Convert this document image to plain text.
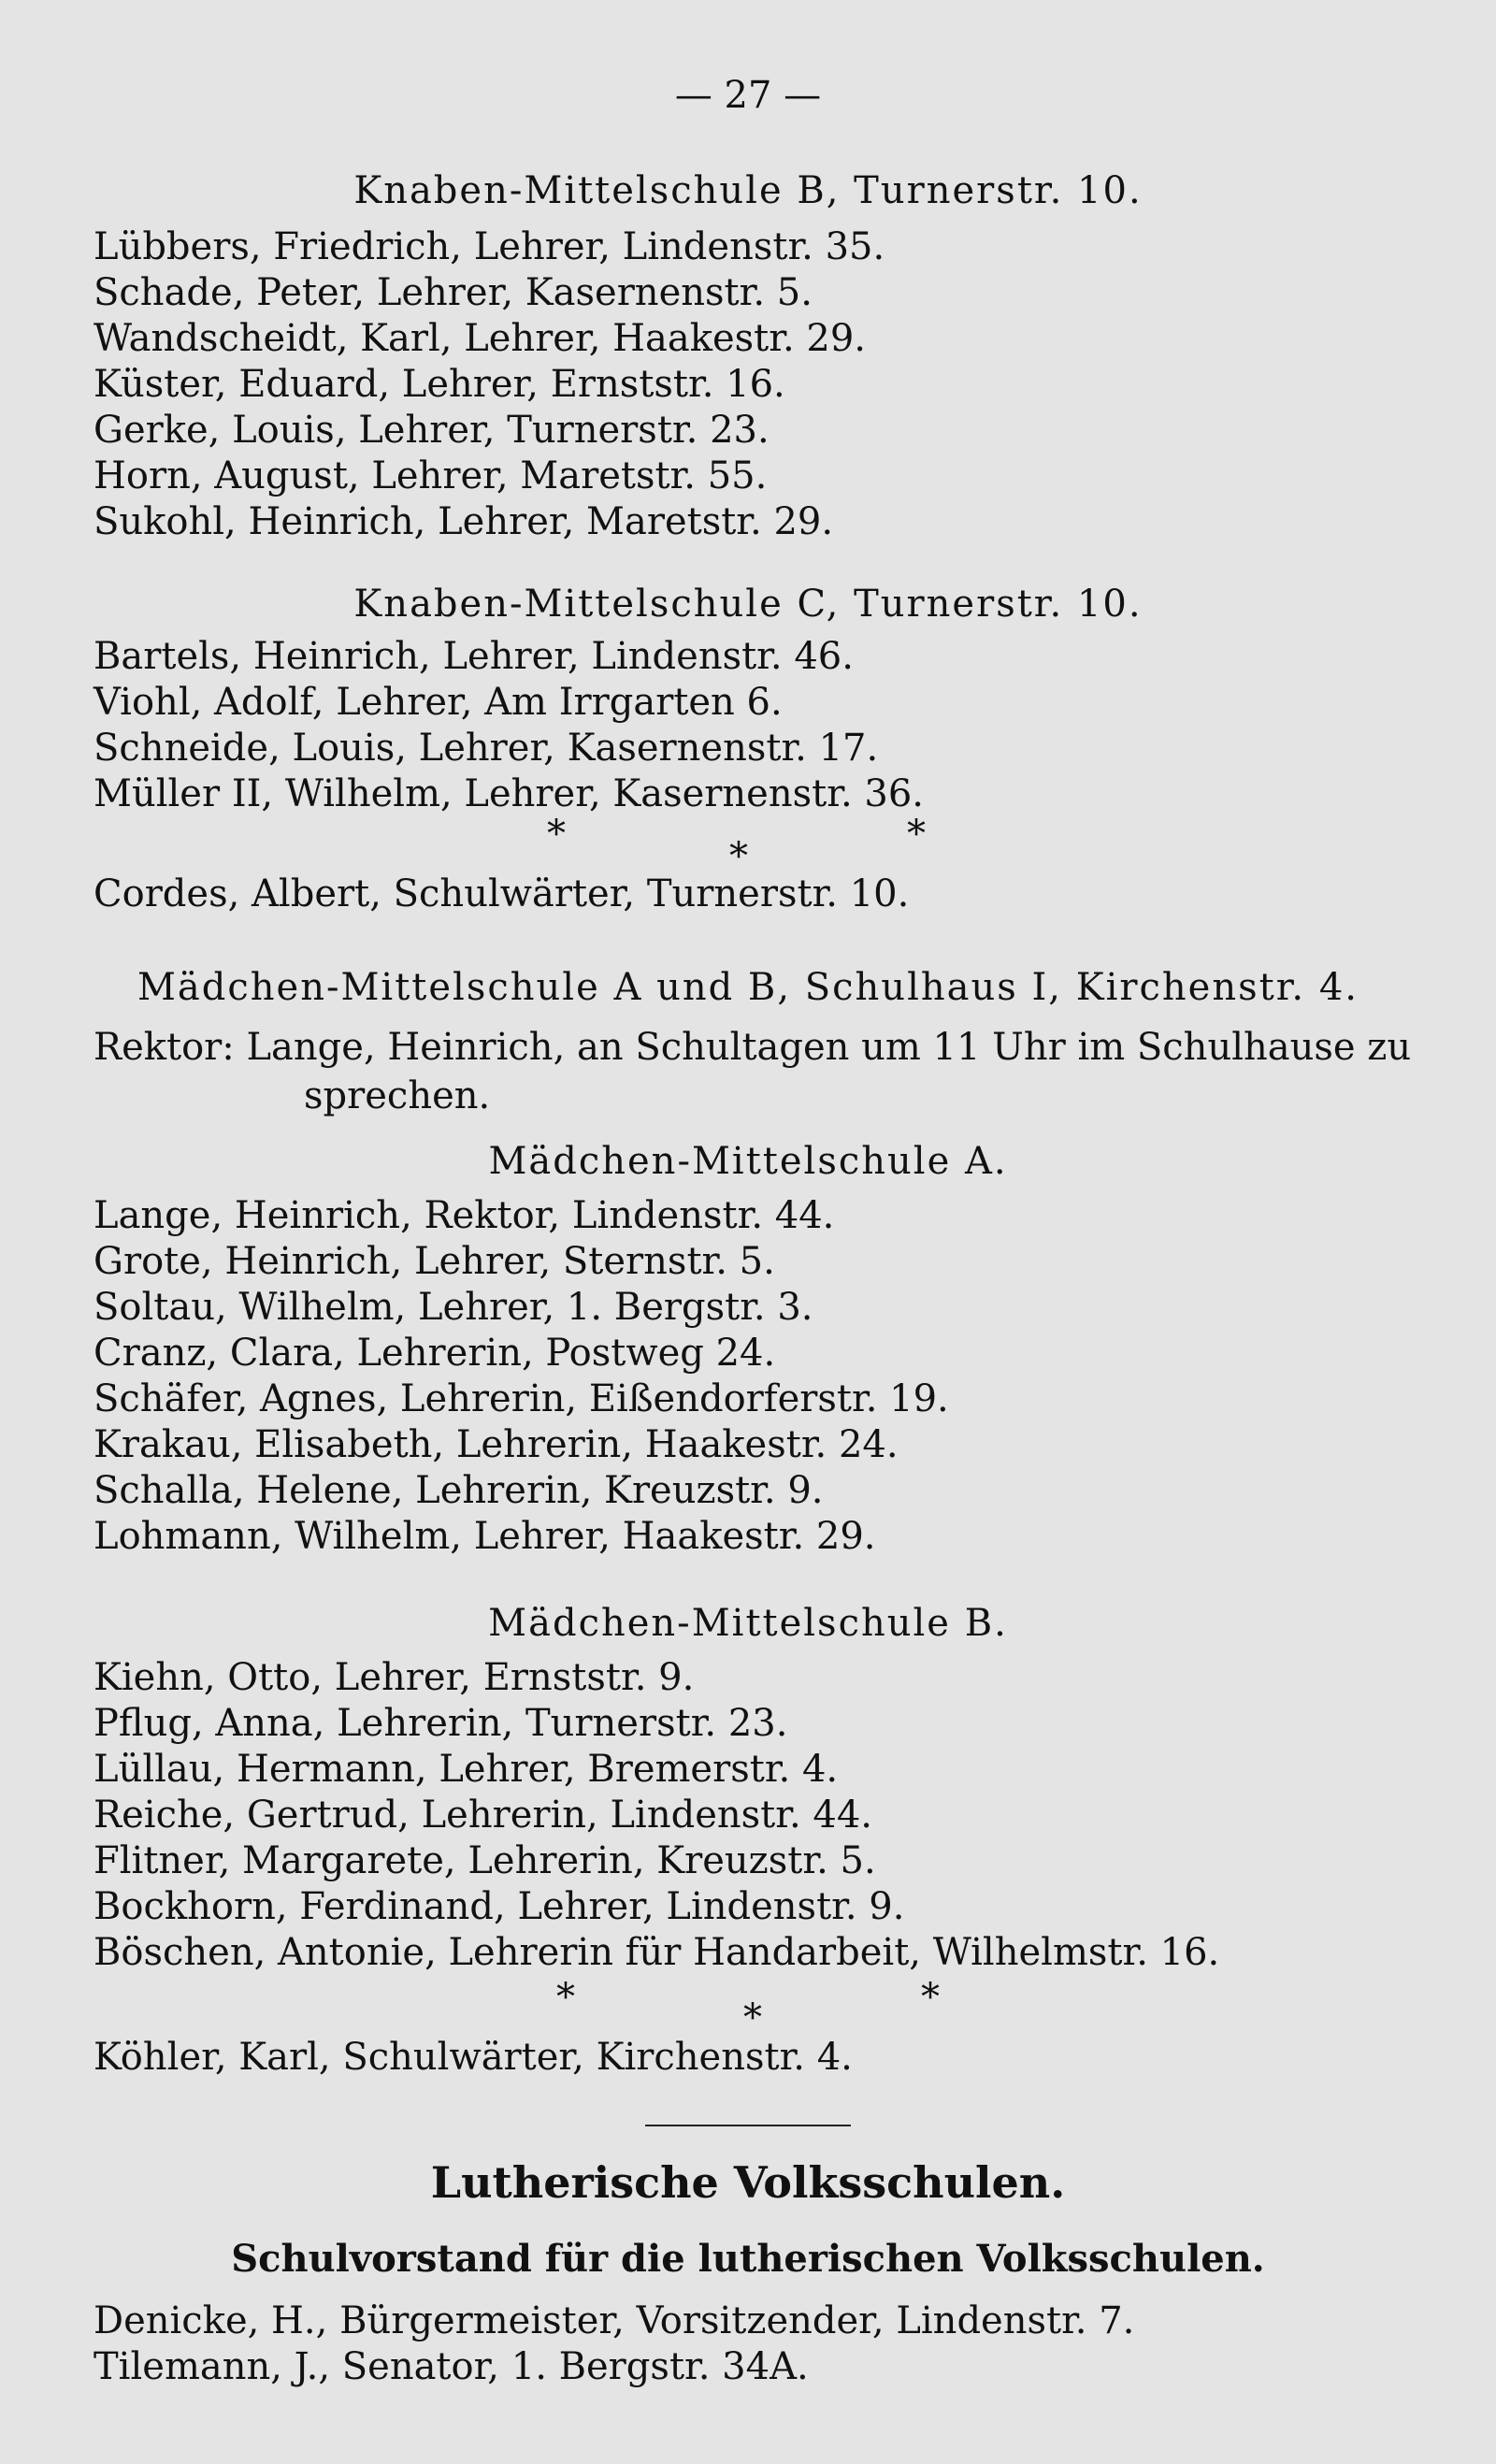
— 27 —
Knaben-Mittelschule B, Turnerstr. 10.
Lübbers, Friedrich, Lehrer, Lindenstr. 35.
Schade, Peter, Lehrer, Kasernenstr. 5.
Wandscheidt, Karl, Lehrer, Haakestr. 29.
Küster, Eduard, Lehrer, Ernststr. 16.
Gerke, Louis, Lehrer, Turnerstr. 23.
Horn, August, Lehrer, Maretstr. 55.
Sukohl, Heinrich, Lehrer, Maretstr. 29.
Knaben-Mittelschule C, Turnerstr. 10.
Bartels, Heinrich, Lehrer, Lindenstr. 46.
Viohl, Adolf, Lehrer, Am Irrgarten 6.
Schneide, Louis, Lehrer, Kasernenstr. 17.
Müller II, Wilhelm, Lehrer, Kasernenstr. 36.
*
*
*
Cordes, Albert, Schulwärter, Turnerstr. 10.
Mädchen-Mittelschule A und B, Schulhaus I, Kirchenstr. 4.
Rektor: Lange, Heinrich, an Schultagen um 11 Uhr im Schulhause zu
sprechen.
Mädchen-Mittelschule A.
Lange, Heinrich, Rektor, Lindenstr. 44.
Grote, Heinrich, Lehrer, Sternstr. 5.
Soltau, Wilhelm, Lehrer, 1. Bergstr. 3.
Cranz, Clara, Lehrerin, Postweg 24.
Schäfer, Agnes, Lehrerin, Eißendorferstr. 19.
Krakau, Elisabeth, Lehrerin, Haakestr. 24.
Schalla, Helene, Lehrerin, Kreuzstr. 9.
Lohmann, Wilhelm, Lehrer, Haakestr. 29.
Mädchen-Mittelschule B.
Kiehn, Otto, Lehrer, Ernststr. 9.
Pflug, Anna, Lehrerin, Turnerstr. 23.
Lüllau, Hermann, Lehrer, Bremerstr. 4.
Reiche, Gertrud, Lehrerin, Lindenstr. 44.
Flitner, Margarete, Lehrerin, Kreuzstr. 5.
Bockhorn, Ferdinand, Lehrer, Lindenstr. 9.
Böschen, Antonie, Lehrerin für Handarbeit, Wilhelmstr. 16.
*	*	*
Köhler, Karl, Schulwärter, Kirchenstr. 4.
Lutherische Volksschulen.
Schulvorstand für die lutherischen Volksschulen.
Denicke, H., Bürgermeister, Vorsitzender, Lindenstr. 7.
Tilemann, J., Senator, 1. Bergstr. 34A.
